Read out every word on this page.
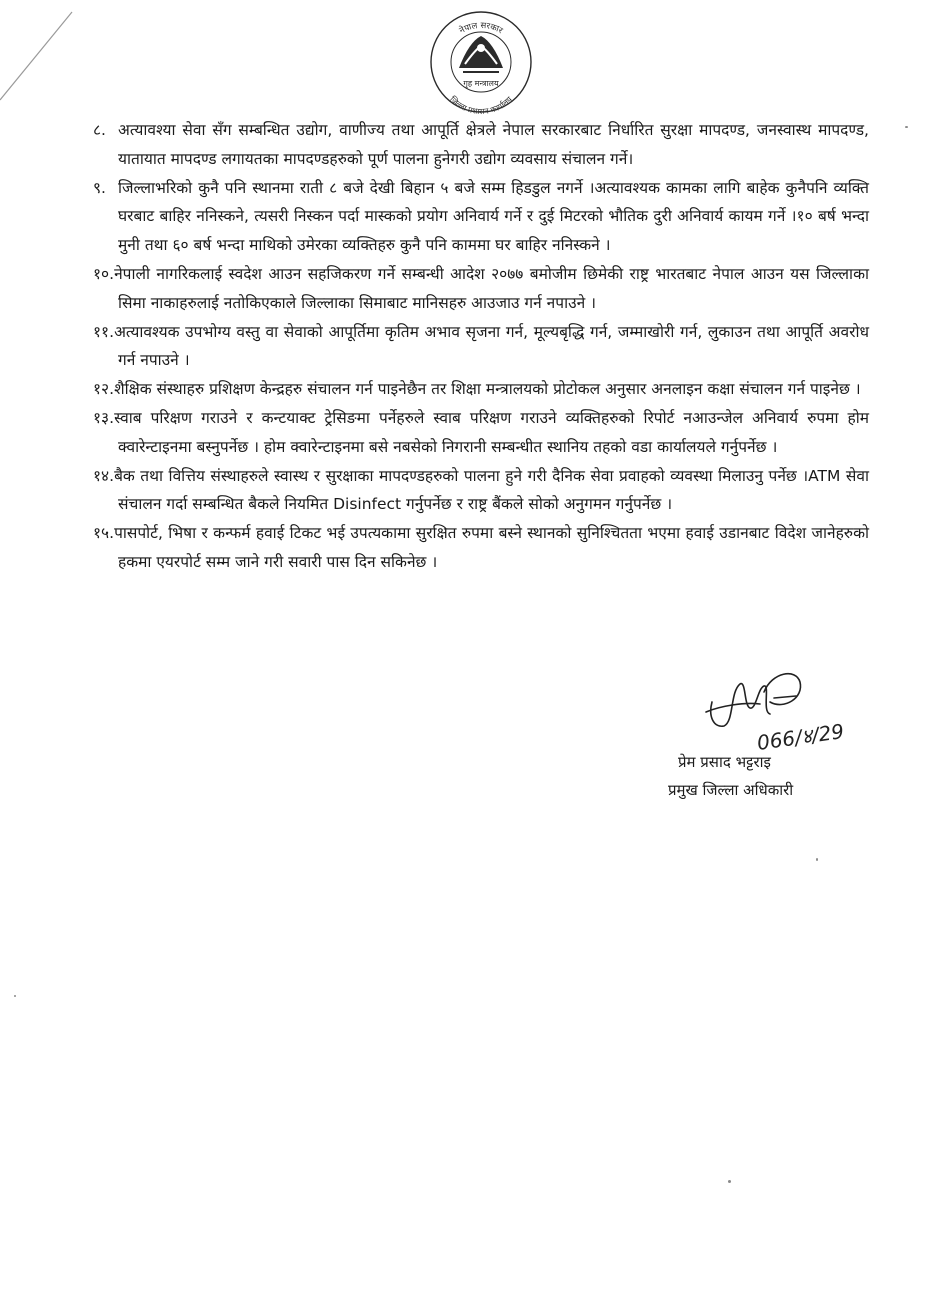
नेपाल सरकार
गृह मन्त्रालय
जिल्ला प्रशासन कार्यालय

८. अत्यावश्या सेवा सँग सम्बन्धित उद्योग, वाणीज्य तथा आपूर्ति क्षेत्रले नेपाल सरकारबाट निर्धारित सुरक्षा मापदण्ड, जनस्वास्थ मापदण्ड, यातायात मापदण्ड लगायतका मापदण्डहरुको पूर्ण पालना हुनेगरी उद्योग व्यवसाय संचालन गर्ने।

९. जिल्लाभरिको कुनै पनि स्थानमा राती ८ बजे देखी बिहान ५ बजे सम्म हिडडुल नगर्ने ।अत्यावश्यक कामका लागि बाहेक कुनैपनि व्यक्ति घरबाट बाहिर ननिस्कने, त्यसरी निस्कन पर्दा मास्कको प्रयोग अनिवार्य गर्ने र दुई मिटरको भौतिक दुरी अनिवार्य कायम गर्ने ।१० बर्ष भन्दा मुनी तथा ६० बर्ष भन्दा माथिको उमेरका व्यक्तिहरु कुनै पनि काममा घर बाहिर ननिस्कने ।

१०.नेपाली नागरिकलाई स्वदेश आउन सहजिकरण गर्ने सम्बन्धी आदेश २०७७ बमोजीम छिमेकी राष्ट्र भारतबाट नेपाल आउन यस जिल्लाका सिमा नाकाहरुलाई नतोकिएकाले जिल्लाका सिमाबाट मानिसहरु आउजाउ गर्न नपाउने ।

११.अत्यावश्यक उपभोग्य वस्तु वा सेवाको आपूर्तिमा कृतिम अभाव सृजना गर्न, मूल्यबृद्धि गर्न, जम्माखोरी गर्न, लुकाउन तथा आपूर्ति अवरोध गर्न नपाउने ।

१२.शैक्षिक संस्थाहरु प्रशिक्षण केन्द्रहरु संचालन गर्न पाइनेछैन तर शिक्षा मन्त्रालयको प्रोटोकल अनुसार अनलाइन कक्षा संचालन गर्न पाइनेछ ।

१३.स्वाब परिक्षण गराउने र कन्टयाक्ट ट्रेसिङमा पर्नेहरुले स्वाब परिक्षण गराउने व्यक्तिहरुको रिपोर्ट नआउन्जेल अनिवार्य रुपमा होम क्वारेन्टाइनमा बस्नुपर्नेछ । होम क्वारेन्टाइनमा बसे नबसेको निगरानी सम्बन्धीत स्थानिय तहको वडा कार्यालयले गर्नुपर्नेछ ।

१४.बैक तथा वित्तिय संस्थाहरुले स्वास्थ र सुरक्षाका मापदण्डहरुको पालना हुने गरी दैनिक सेवा प्रवाहको व्यवस्था मिलाउनु पर्नेछ ।ATM सेवा संचालन गर्दा सम्बन्धित बैकले नियमित Disinfect गर्नुपर्नेछ र राष्ट्र बैंकले सोको अनुगमन गर्नुपर्नेछ ।

१५.पासपोर्ट, भिषा र कन्फर्म हवाई टिकट भई उपत्यकामा सुरक्षित रुपमा बस्ने स्थानको सुनिश्चितता भएमा हवाई उडानबाट विदेश जानेहरुको हकमा एयरपोर्ट सम्म जाने गरी सवारी पास दिन सकिनेछ ।

066/४/29
प्रेम प्रसाद भट्टराइ
प्रमुख जिल्ला अधिकारी
